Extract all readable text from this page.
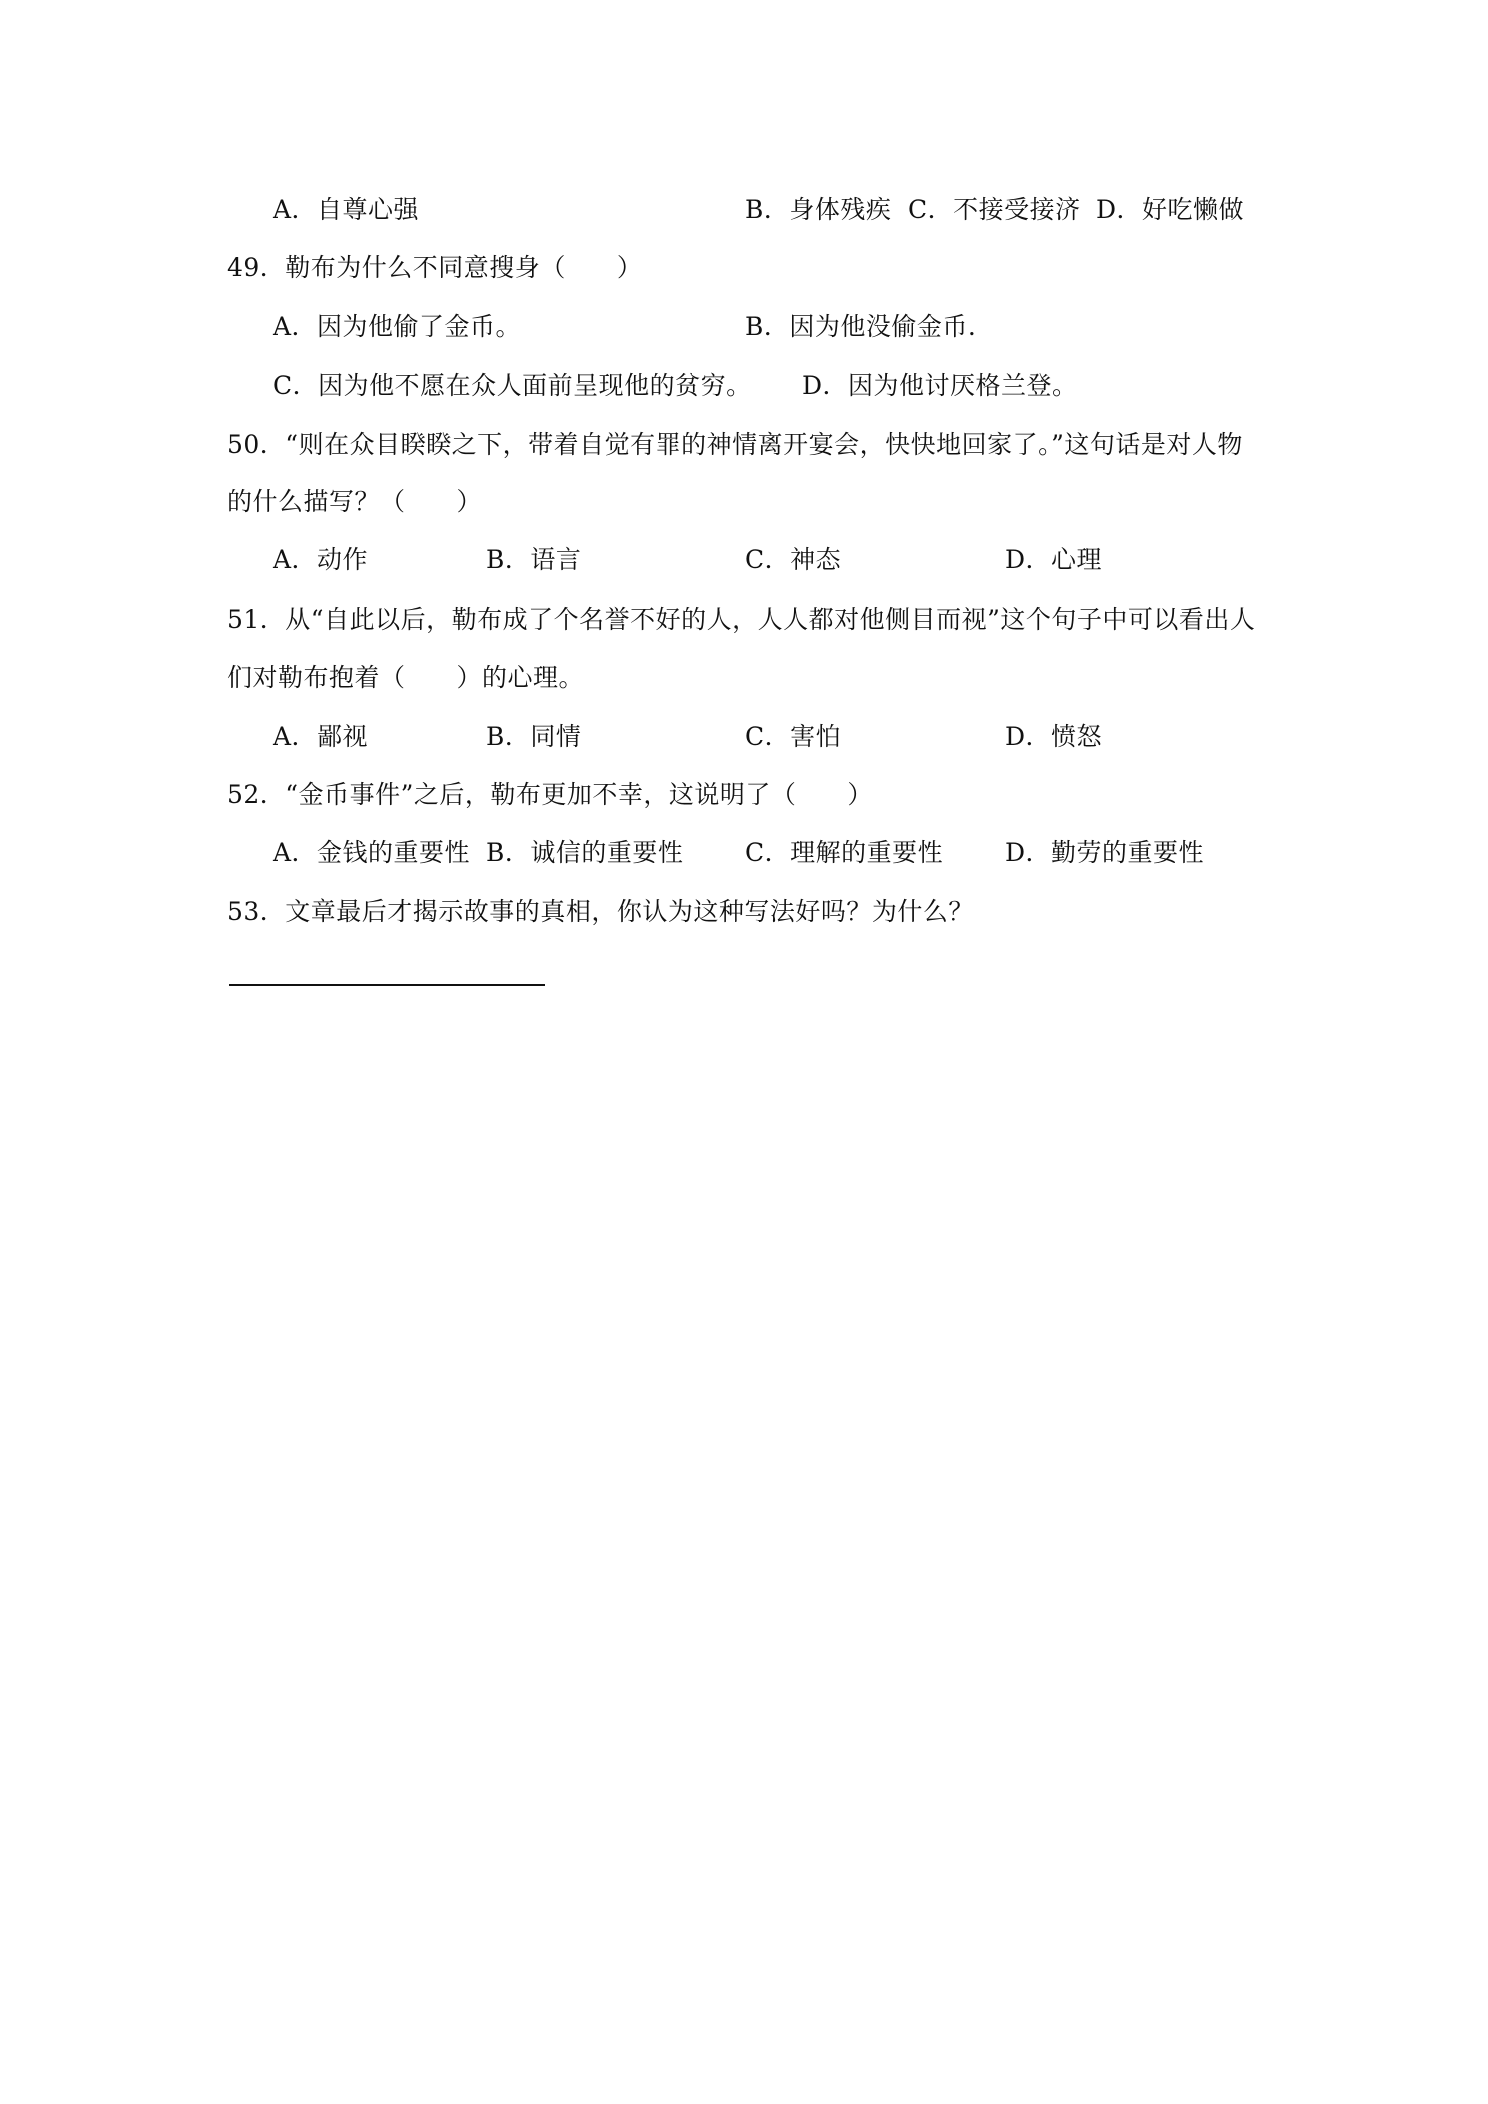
A．自尊心强	B．身体残疾 C．不接受接济 D．好吃懒做
49．勒布为什么不同意搜身（　　）
A．因为他偷了金币。	B．因为他没偷金币.
C．因为他不愿在众人面前呈现他的贫穷。 D．因为他讨厌格兰登。
50．“则在众目睽睽之下，带着自觉有罪的神情离开宴会，快快地回家了。”这句话是对人物
的什么描写？（　　）
A．动作	B．语言	C．神态	D．心理
51．从“自此以后，勒布成了个名誉不好的人，人人都对他侧目而视”这个句子中可以看出人
们对勒布抱着（　　）的心理。
A．鄙视	B．同情	C．害怕	D．愤怒
52．“金币事件”之后，勒布更加不幸，这说明了（　　）
A．金钱的重要性 B．诚信的重要性 C．理解的重要性 D．勤劳的重要性
53．文章最后才揭示故事的真相，你认为这种写法好吗？为什么？
